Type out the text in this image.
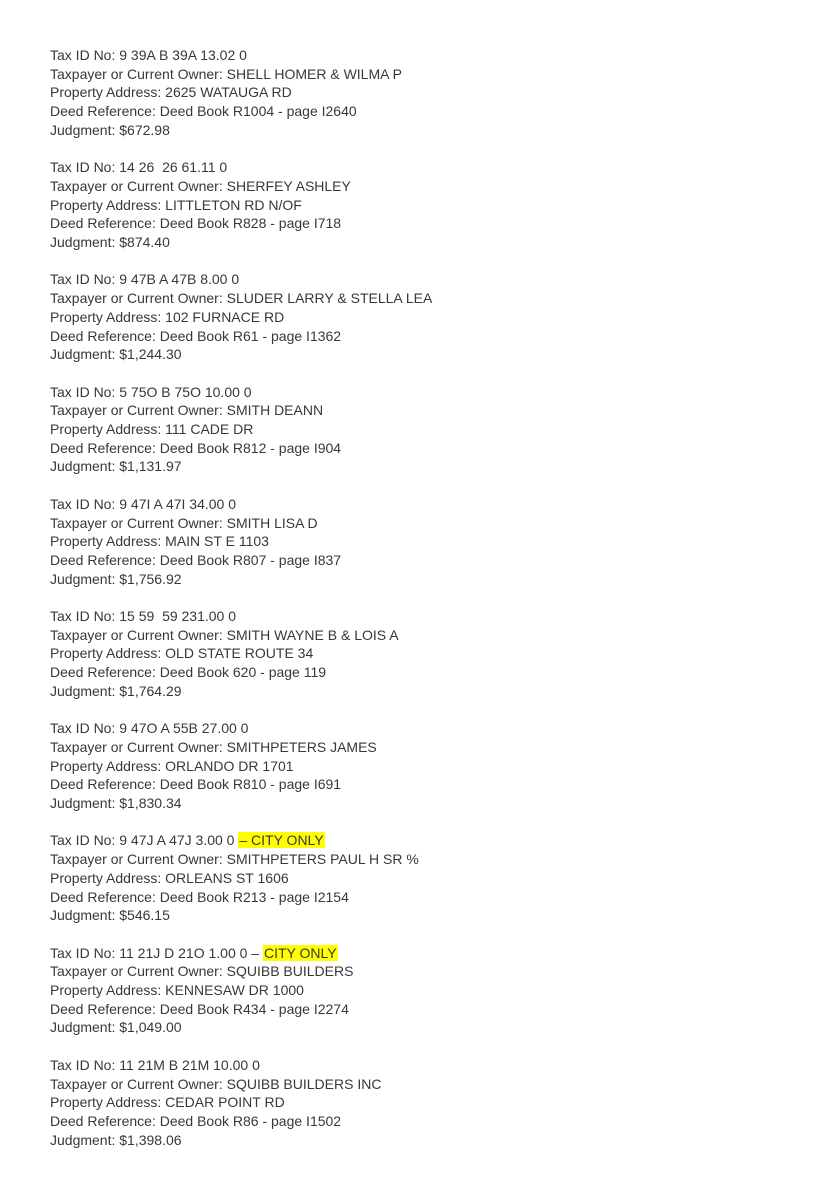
Tax ID No: 9 39A B 39A 13.02 0

Taxpayer or Current Owner: SHELL HOMER & WILMA P

Property Address: 2625 WATAUGA RD

Deed Reference: Deed Book R1004 - page I2640

Judgment: $672.98

Tax ID No: 14 26  26 61.11 0

Taxpayer or Current Owner: SHERFEY ASHLEY

Property Address: LITTLETON RD N/OF

Deed Reference: Deed Book R828 - page I718

Judgment: $874.40

Tax ID No: 9 47B A 47B 8.00 0

Taxpayer or Current Owner: SLUDER LARRY & STELLA LEA

Property Address: 102 FURNACE RD

Deed Reference: Deed Book R61 - page I1362

Judgment: $1,244.30

Tax ID No: 5 75O B 75O 10.00 0

Taxpayer or Current Owner: SMITH DEANN

Property Address: 111 CADE DR

Deed Reference: Deed Book R812 - page I904

Judgment: $1,131.97

Tax ID No: 9 47I A 47I 34.00 0

Taxpayer or Current Owner: SMITH LISA D

Property Address: MAIN ST E 1103

Deed Reference: Deed Book R807 - page I837

Judgment: $1,756.92

Tax ID No: 15 59  59 231.00 0

Taxpayer or Current Owner: SMITH WAYNE B & LOIS A

Property Address: OLD STATE ROUTE 34

Deed Reference: Deed Book 620 - page 119

Judgment: $1,764.29

Tax ID No: 9 47O A 55B 27.00 0

Taxpayer or Current Owner: SMITHPETERS JAMES

Property Address: ORLANDO DR 1701

Deed Reference: Deed Book R810 - page I691

Judgment: $1,830.34

Tax ID No: 9 47J A 47J 3.00 0 – CITY ONLY

Taxpayer or Current Owner: SMITHPETERS PAUL H SR %

Property Address: ORLEANS ST 1606

Deed Reference: Deed Book R213 - page I2154

Judgment: $546.15

Tax ID No: 11 21J D 21O 1.00 0 – CITY ONLY

Taxpayer or Current Owner: SQUIBB BUILDERS

Property Address: KENNESAW DR 1000

Deed Reference: Deed Book R434 - page I2274

Judgment: $1,049.00

Tax ID No: 11 21M B 21M 10.00 0

Taxpayer or Current Owner: SQUIBB BUILDERS INC

Property Address: CEDAR POINT RD

Deed Reference: Deed Book R86 - page I1502

Judgment: $1,398.06
